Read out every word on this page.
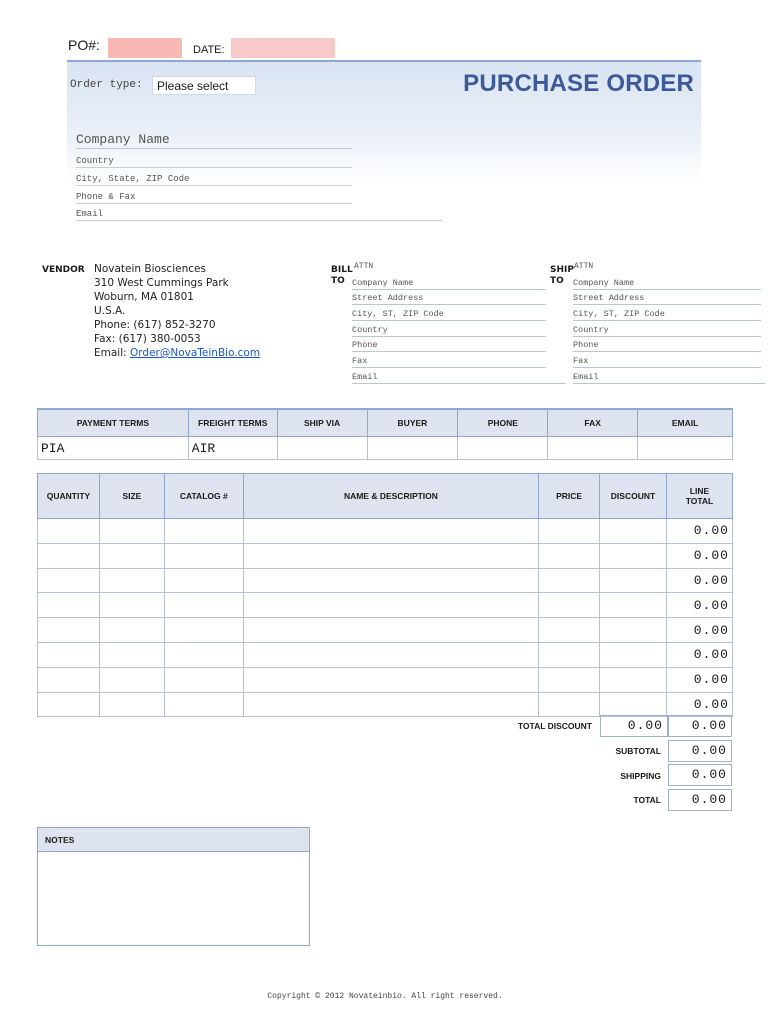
PO#:	DATE:
Order type:	Please select	PURCHASE ORDER
Company Name
Country
City, State, ZIP Code
Phone & Fax
Email
VENDOR Novatein Biosciences
310 West Cummings Park
Woburn, MA 01801
U.S.A.
Phone: (617) 852-3270
Fax: (617) 380-0053
Email: Order@NovaTeinBio.com
BILL
TO
ATTN
Company Name
Street Address
City, ST, ZIP Code
Country
Phone
Fax
Email
SHIP
TO
ATTN
Company Name
Street Address
City, ST, ZIP Code
Country
Phone
Fax
Email
PAYMENT TERMS	FREIGHT TERMS	SHIP VIA	BUYER	PHONE	FAX	EMAIL
PIA	AIR					
QUANTITY	SIZE	CATALOG #	NAME & DESCRIPTION	PRICE	DISCOUNT	LINE TOTAL
						0.00
						0.00
						0.00
						0.00
						0.00
						0.00
						0.00
						0.00
TOTAL DISCOUNT	0.00	0.00
SUBTOTAL	0.00
SHIPPING	0.00
TOTAL	0.00
NOTES
Copyright © 2012 Novateinbio. All right reserved.
